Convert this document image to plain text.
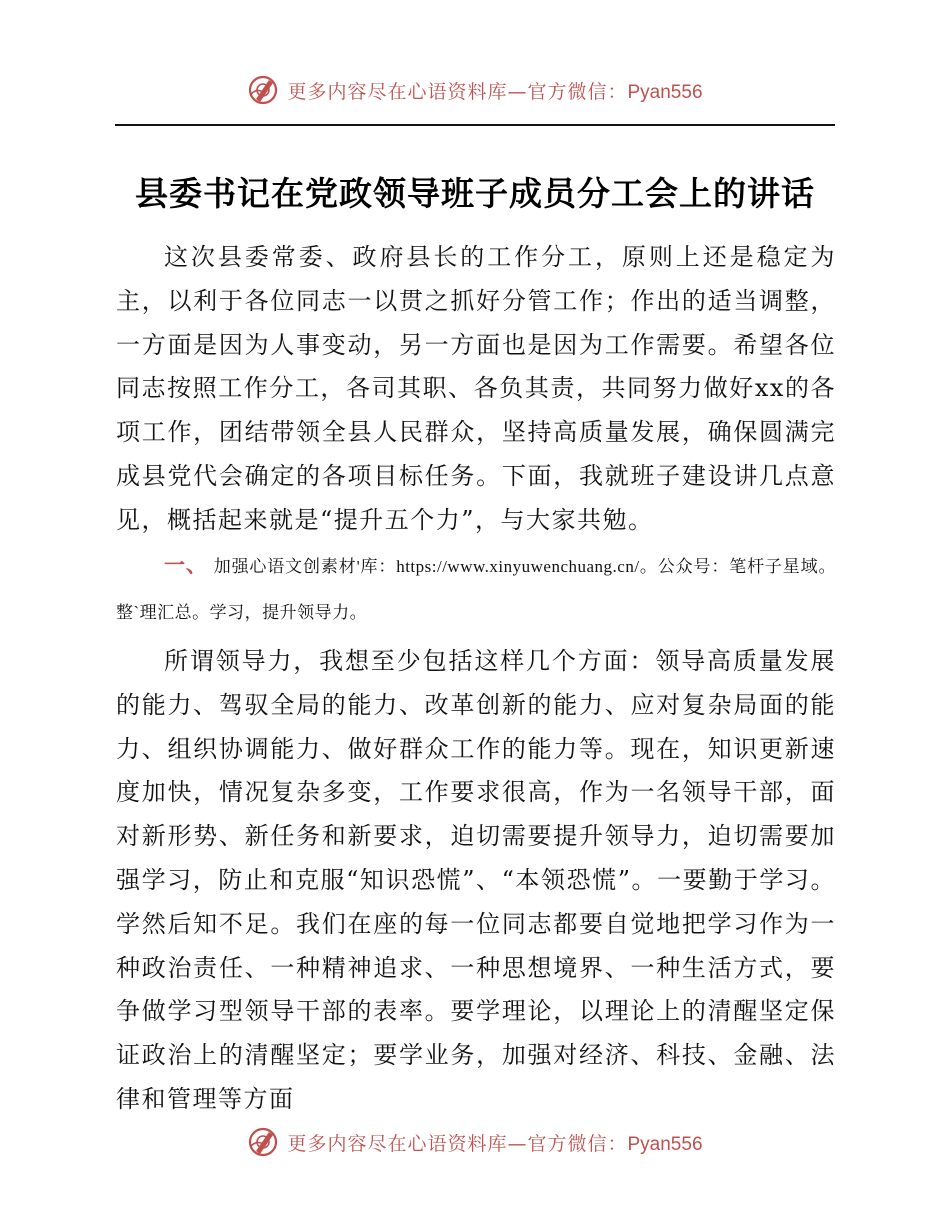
更多内容尽在心语资料库—官方微信：Pyan556
县委书记在党政领导班子成员分工会上的讲话

这次县委常委、政府县长的工作分工，原则上还是稳定为主，以利于各位同志一以贯之抓好分管工作；作出的适当调整，一方面是因为人事变动，另一方面也是因为工作需要。希望各位同志按照工作分工，各司其职、各负其责，共同努力做好xx的各项工作，团结带领全县人民群众，坚持高质量发展，确保圆满完成县党代会确定的各项目标任务。下面，我就班子建设讲几点意见，概括起来就是“提升五个力”，与大家共勉。

一、 加强心语文创素材'库：https://www.xinyuwenchuang.cn/。公众号：笔杆子星域。整`理汇总。学习，提升领导力。

所谓领导力，我想至少包括这样几个方面：领导高质量发展的能力、驾驭全局的能力、改革创新的能力、应对复杂局面的能力、组织协调能力、做好群众工作的能力等。现在，知识更新速度加快，情况复杂多变，工作要求很高，作为一名领导干部，面对新形势、新任务和新要求，迫切需要提升领导力，迫切需要加强学习，防止和克服“知识恐慌”、“本领恐慌”。一要勤于学习。学然后知不足。我们在座的每一位同志都要自觉地把学习作为一种政治责任、一种精神追求、一种思想境界、一种生活方式，要争做学习型领导干部的表率。要学理论，以理论上的清醒坚定保证政治上的清醒坚定；要学业务，加强对经济、科技、金融、法律和管理等方面

更多内容尽在心语资料库—官方微信：Pyan556
